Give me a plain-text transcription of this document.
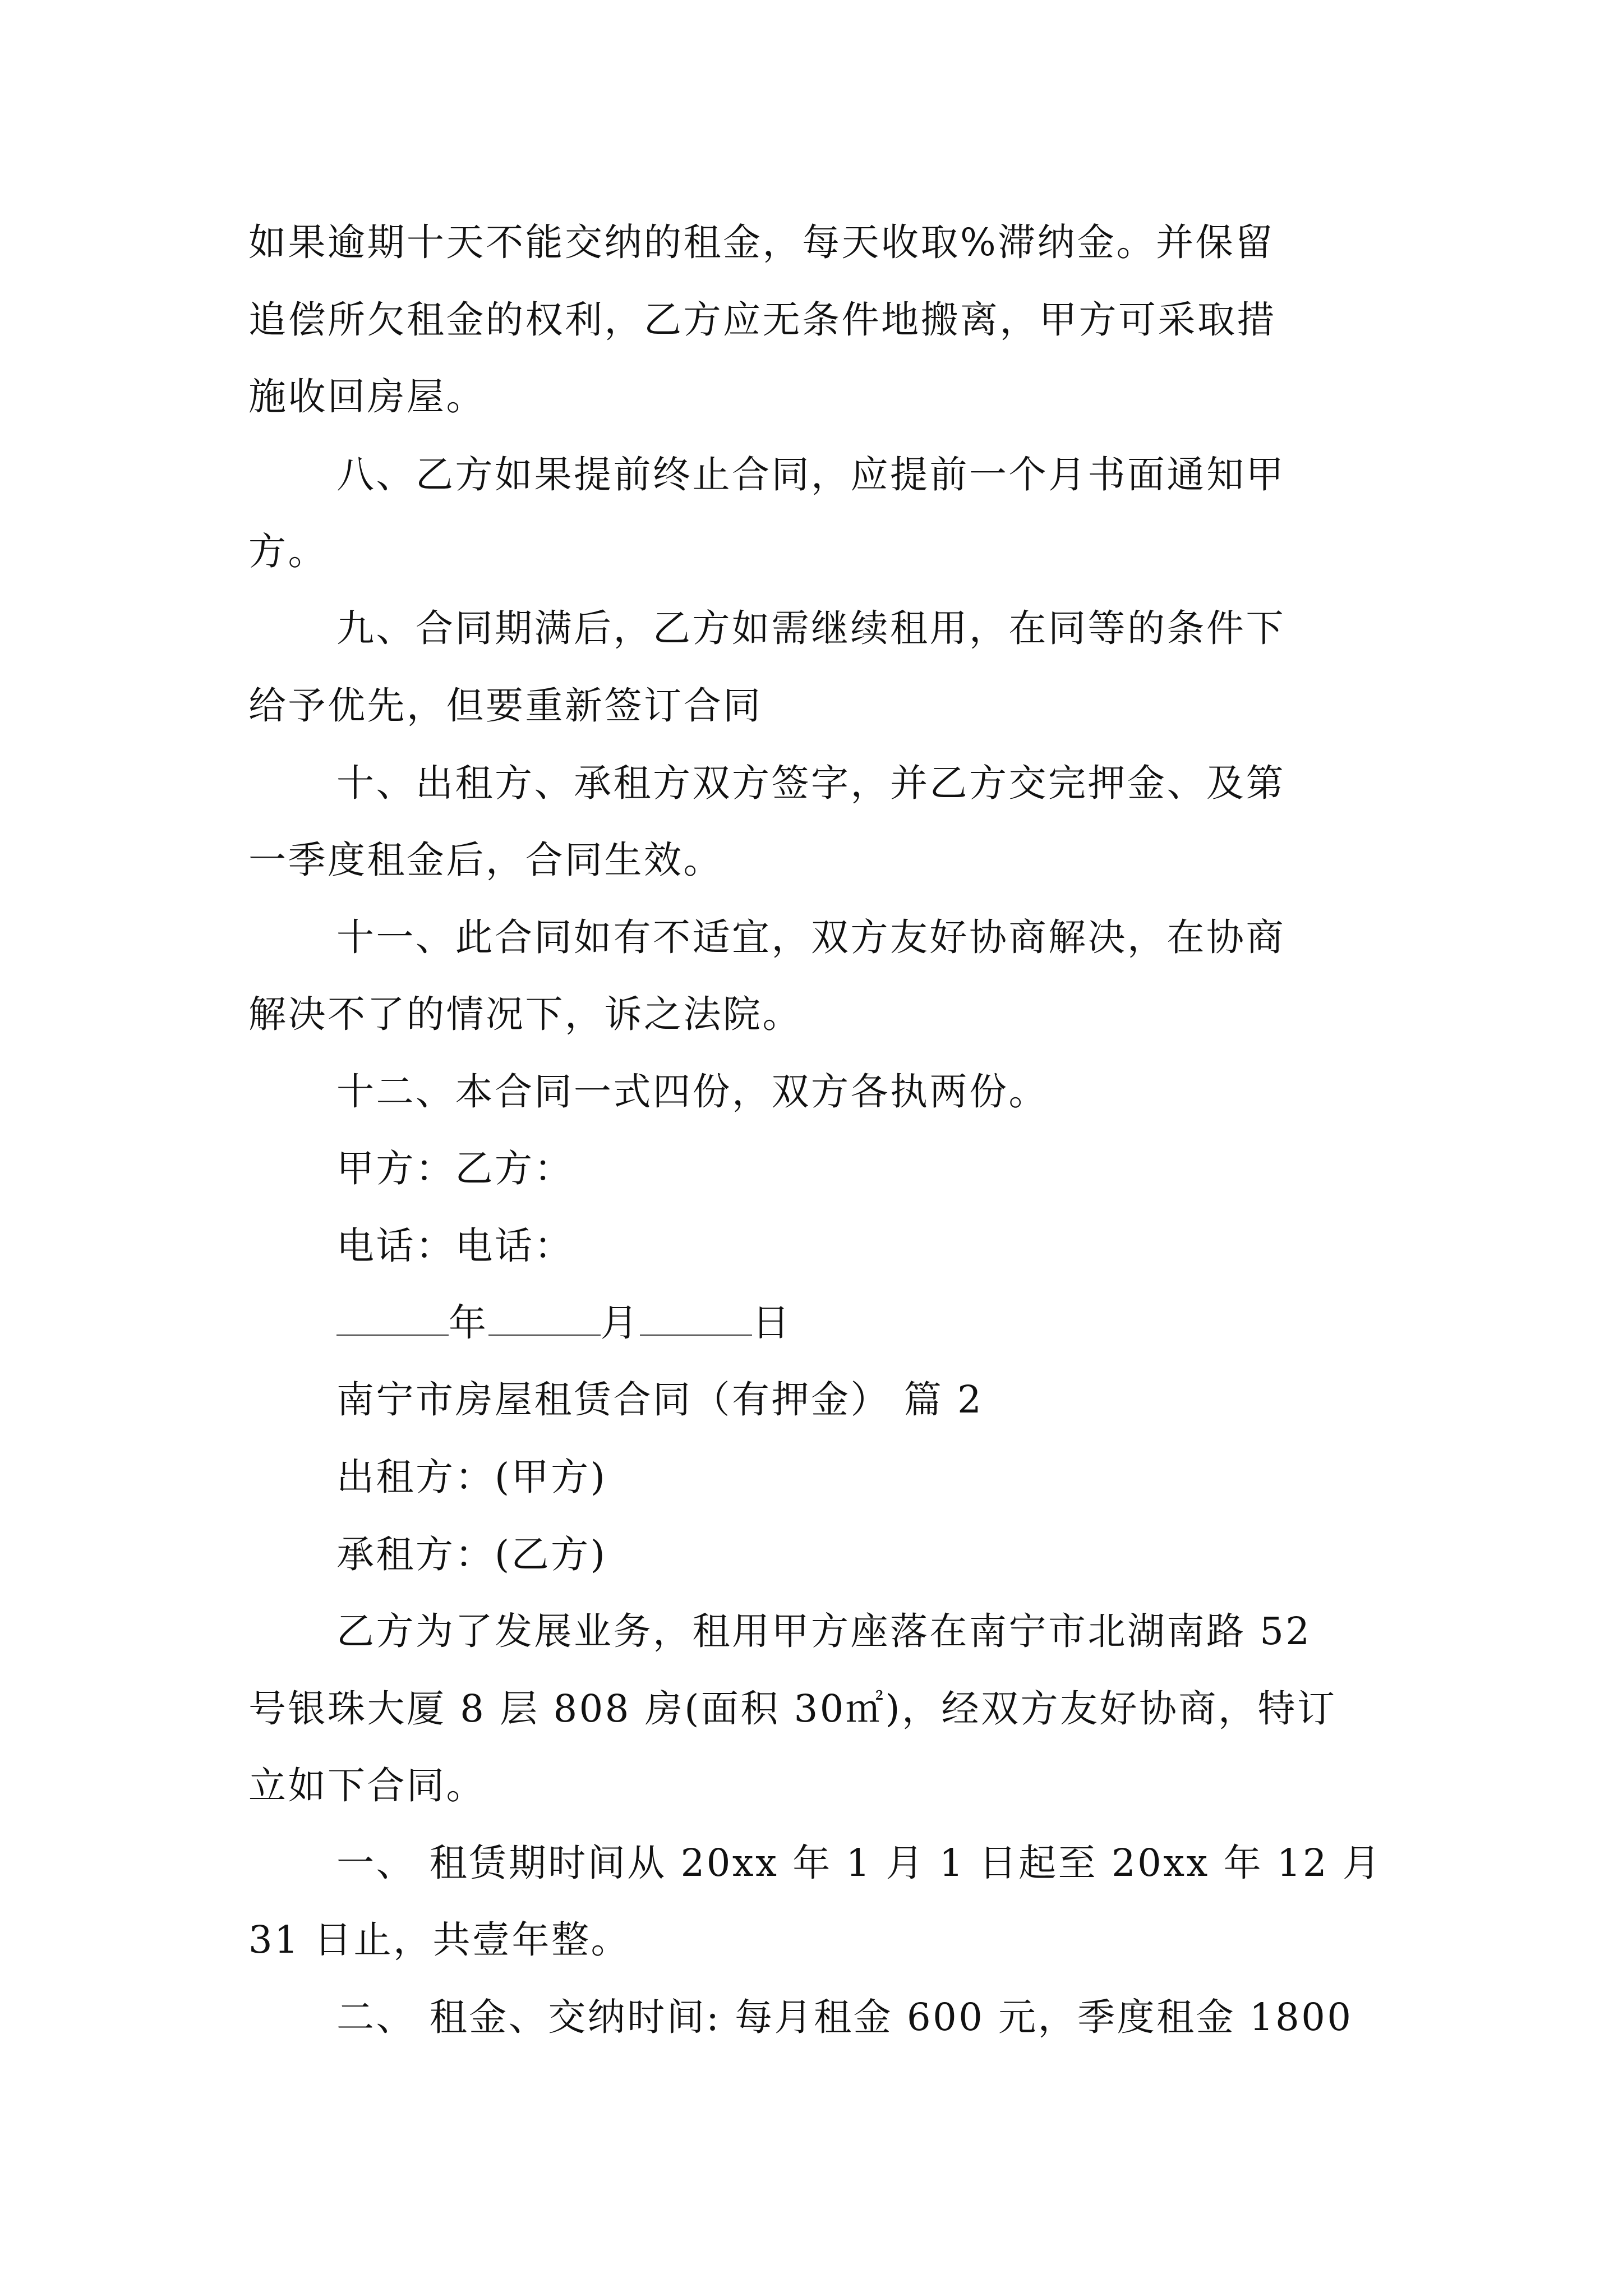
如果逾期十天不能交纳的租金，每天收取%滞纳金。并保留
追偿所欠租金的权利，乙方应无条件地搬离，甲方可采取措
施收回房屋。
八、乙方如果提前终止合同，应提前一个月书面通知甲
方。
九、合同期满后，乙方如需继续租用，在同等的条件下
给予优先，但要重新签订合同
十、出租方、承租方双方签字，并乙方交完押金、及第
一季度租金后，合同生效。
十一、此合同如有不适宜，双方友好协商解决，在协商
解决不了的情况下，诉之法院。
十二、本合同一式四份，双方各执两份。
甲方：乙方：
电话：电话：
年	月	日
南宁市房屋租赁合同（有押金） 篇 2
出租方：(甲方)
承租方：(乙方)
乙方为了发展业务，租用甲方座落在南宁市北湖南路 52
号银珠大厦 8 层 808 房(面积 30㎡)，经双方友好协商，特订
立如下合同。
一、 租赁期时间从 20xx 年 1 月 1 日起至 20xx 年 12 月
31 日止，共壹年整。
二、 租金、交纳时间: 每月租金 600 元，季度租金 1800
